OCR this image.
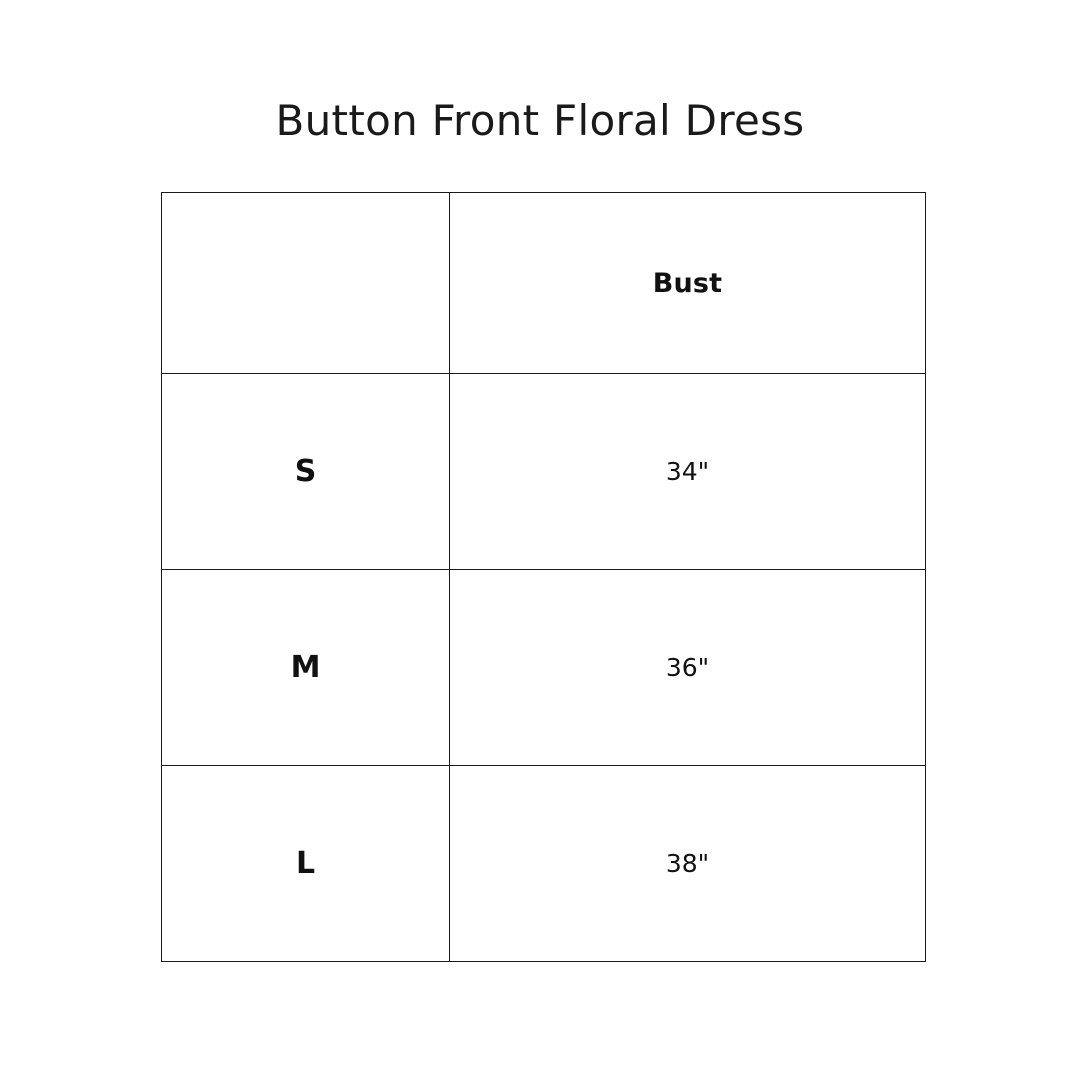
Button Front Floral Dress
	Bust
S	34"
M	36"
L	38"
